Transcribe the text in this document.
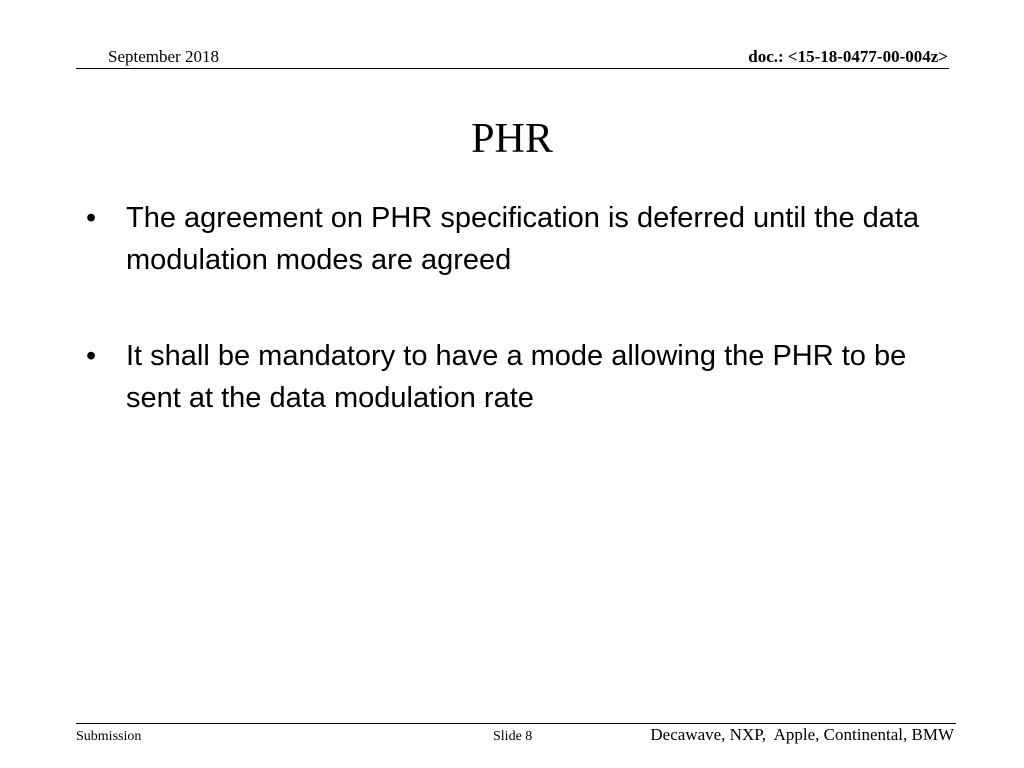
September 2018	doc.: <15-18-0477-00-004z>
PHR
• The agreement on PHR specification is deferred until the data modulation modes are agreed
• It shall be mandatory to have a mode allowing the PHR to be sent at the data modulation rate
Submission	Slide 8	Decawave, NXP,  Apple, Continental, BMW
